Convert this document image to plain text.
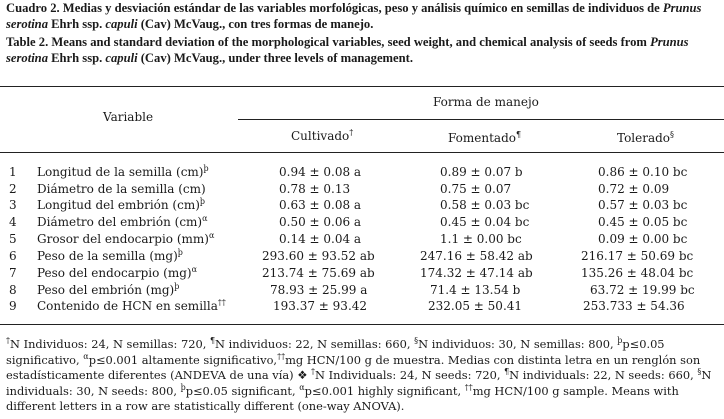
Cuadro 2. Medias y desviación estándar de las variables morfológicas, peso y análisis químico en semillas de individuos de Prunus serotina Ehrh ssp. capuli (Cav) McVaug., con tres formas de manejo.

Table 2. Means and standard deviation of the morphological variables, seed weight, and chemical analysis of seeds from Prunus serotina Ehrh ssp. capuli (Cav) McVaug., under three levels of management.

Variable
Forma de manejo
Cultivado†	Fomentado¶	Tolerado§
1 Longitud de la semilla (cm)$^þ$	0.94 ± 0.08 a	0.89 ± 0.07 b	0.86 ± 0.10 bc
2 Diámetro de la semilla (cm)	0.78 ± 0.13	0.75 ± 0.07	0.72 ± 0.09
3 Longitud del embrión (cm)$^þ$	0.63 ± 0.08 a	0.58 ± 0.03 bc	0.57 ± 0.03 bc
4 Diámetro del embrión (cm)$^\alpha$	0.50 ± 0.06 a	0.45 ± 0.04 bc	0.45 ± 0.05 bc
5 Grosor del endocarpio (mm)$^\alpha$	0.14 ± 0.04 a	1.1 ± 0.00 bc	0.09 ± 0.00 bc
6 Peso de la semilla (mg)$^þ$	293.60 ± 93.52 ab	247.16 ± 58.42 ab	216.17 ± 50.69 bc
7 Peso del endocarpio (mg)$^\alpha$	213.74 ± 75.69 ab	174.32 ± 47.14 ab	135.26 ± 48.04 bc
8 Peso del embrión (mg)$^þ$	78.93 ± 25.99 a	71.4 ± 13.54 b	63.72 ± 19.99 bc
9 Contenido de HCN en semilla††	193.37 ± 93.42	232.05 ± 50.41	253.733 ± 54.36

†N Individuos: 24, N semillas: 720, ¶N individuos: 22, N semillas: 660, §N individuos: 30, N semillas: 800, $^þ$p≤0.05 significativo, $^\alpha$p≤0.001 altamente significativo,††mg HCN/100 g de muestra. Medias con distinta letra en un renglón son estadísticamente diferentes (ANDEVA de una vía) ❖ †N Individuals: 24, N seeds: 720, ¶N individuals: 22, N seeds: 660, §N individuals: 30, N seeds: 800, $^þ$p≤0.05 significant, $^\alpha$p≤0.001 highly significant, ††mg HCN/100 g sample. Means with different letters in a row are statistically different (one-way ANOVA).
